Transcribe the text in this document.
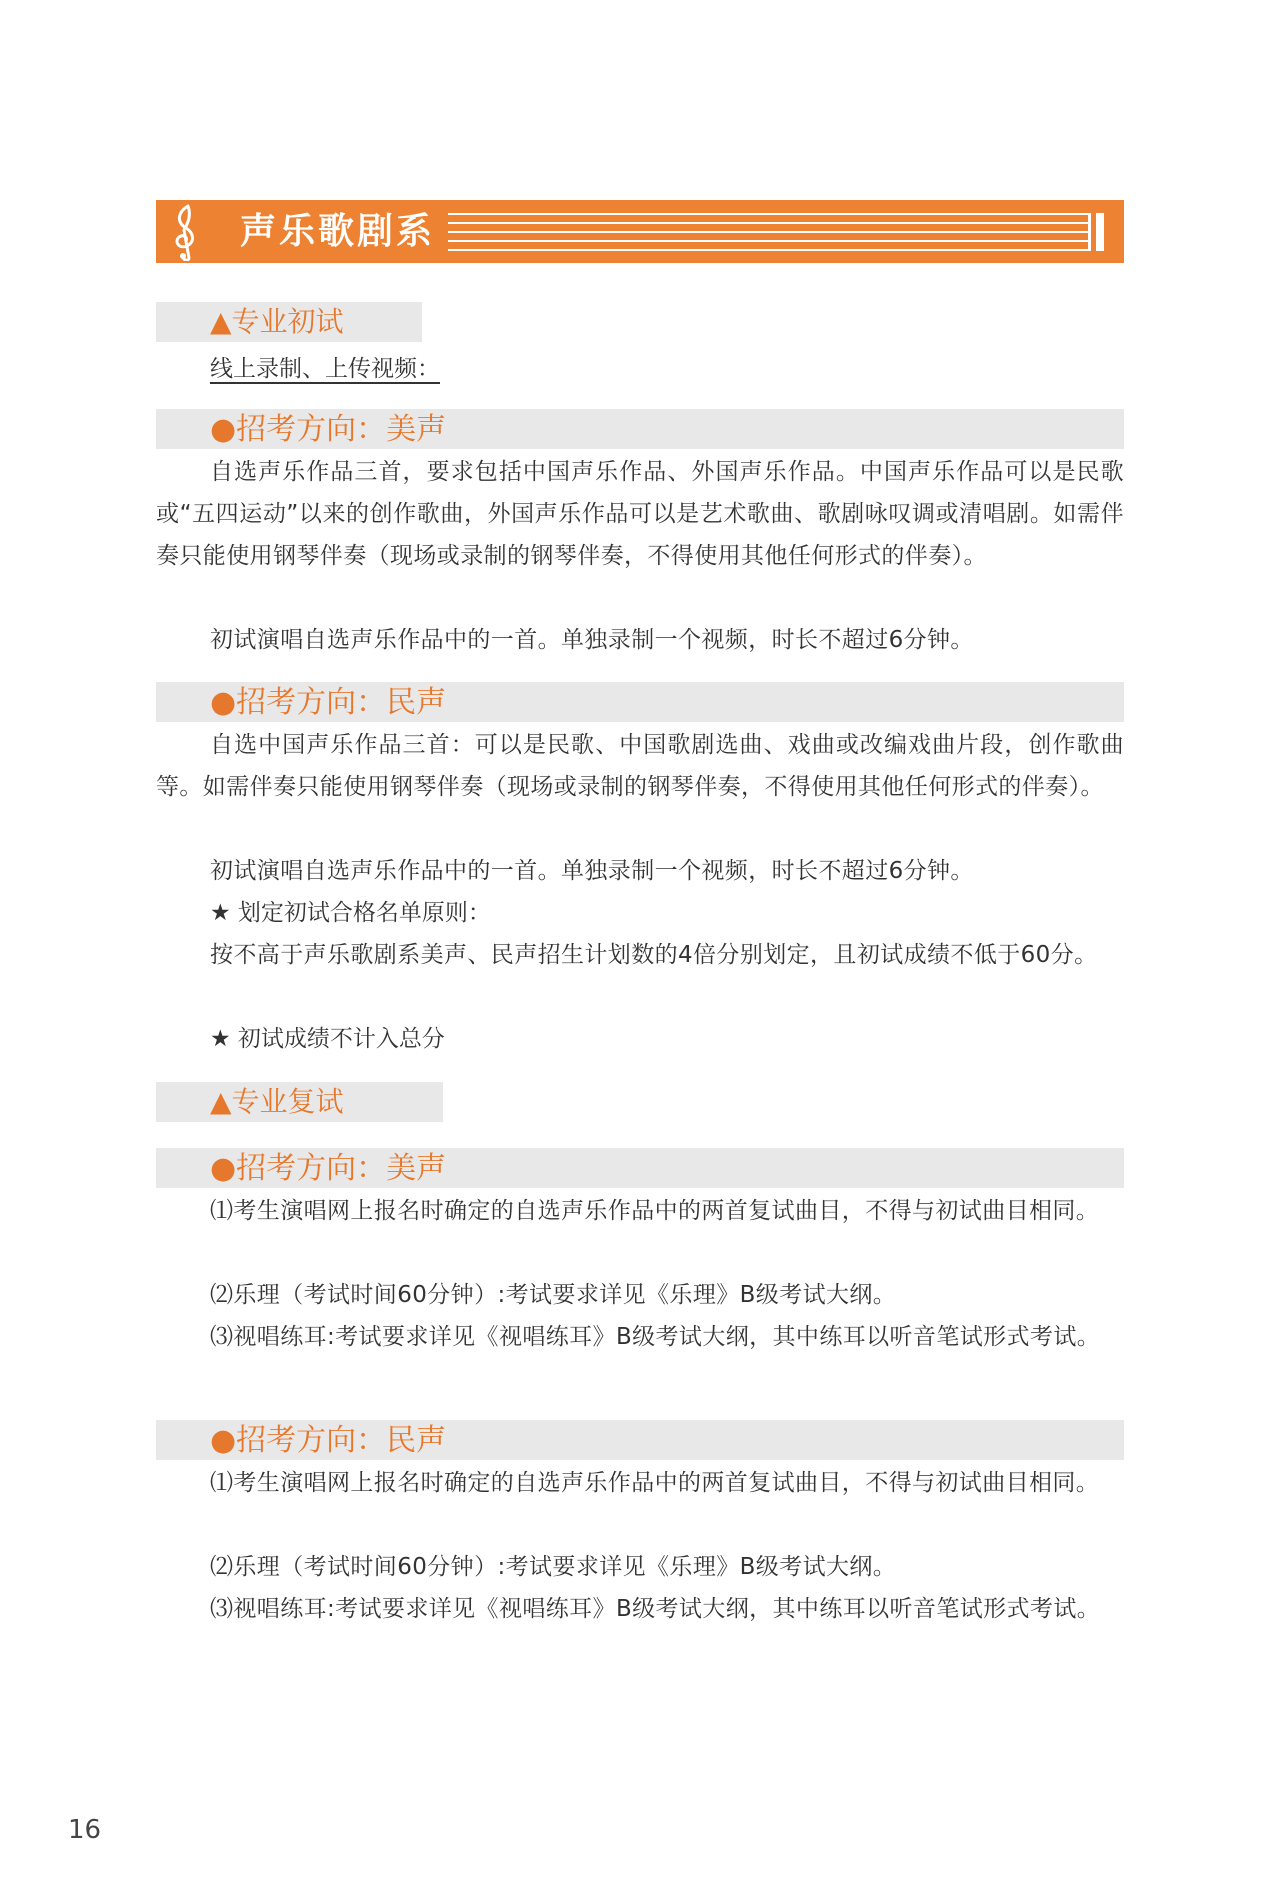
声乐歌剧系
▲专业初试
线上录制、上传视频：
●招考方向：美声

自选声乐作品三首，要求包括中国声乐作品、外国声乐作品。中国声乐作品可以是民歌或“五四运动”以来的创作歌曲，外国声乐作品可以是艺术歌曲、歌剧咏叹调或清唱剧。如需伴奏只能使用钢琴伴奏（现场或录制的钢琴伴奏，不得使用其他任何形式的伴奏）。

初试演唱自选声乐作品中的一首。单独录制一个视频，时长不超过6分钟。

●招考方向：民声

自选中国声乐作品三首：可以是民歌、中国歌剧选曲、戏曲或改编戏曲片段，创作歌曲等。如需伴奏只能使用钢琴伴奏（现场或录制的钢琴伴奏，不得使用其他任何形式的伴奏）。

初试演唱自选声乐作品中的一首。单独录制一个视频，时长不超过6分钟。

★ 划定初试合格名单原则：

按不高于声乐歌剧系美声、民声招生计划数的4倍分别划定，且初试成绩不低于60分。

★ 初试成绩不计入总分
▲专业复试
●招考方向：美声

⑴考生演唱网上报名时确定的自选声乐作品中的两首复试曲目，不得与初试曲目相同。

⑵乐理（考试时间60分钟）:考试要求详见《乐理》B级考试大纲。

⑶视唱练耳:考试要求详见《视唱练耳》B级考试大纲，其中练耳以听音笔试形式考试。

●招考方向：民声

⑴考生演唱网上报名时确定的自选声乐作品中的两首复试曲目，不得与初试曲目相同。

⑵乐理（考试时间60分钟）:考试要求详见《乐理》B级考试大纲。

⑶视唱练耳:考试要求详见《视唱练耳》B级考试大纲，其中练耳以听音笔试形式考试。

16
